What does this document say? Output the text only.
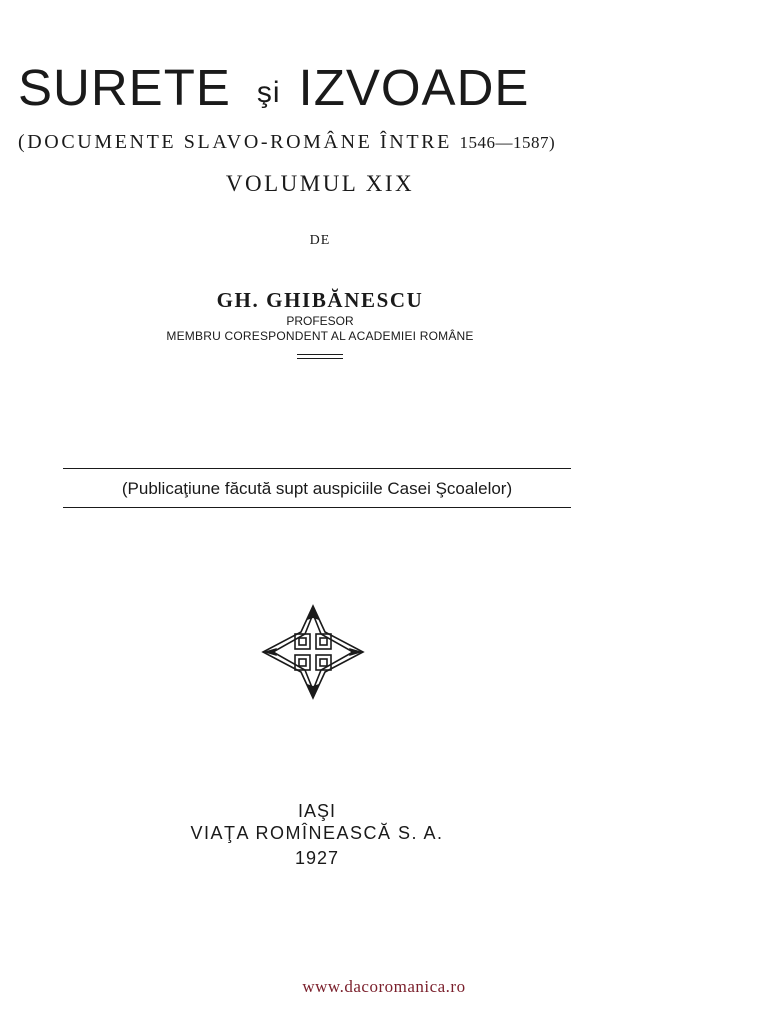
SURETE şi IZVOADE
(DOCUMENTE SLAVO-ROMÂNE ÎNTRE 1546—1587)
VOLUMUL XIX
DE
GH. GHIBĂNESCU
PROFESOR
MEMBRU CORESPONDENT AL ACADEMIEI ROMÂNE
(Publicaţiune făcută supt auspiciile Casei Şcoalelor)
IAŞI
VIAŢA ROMÎNEASCĂ S. A.
1927
www.dacoromanica.ro
